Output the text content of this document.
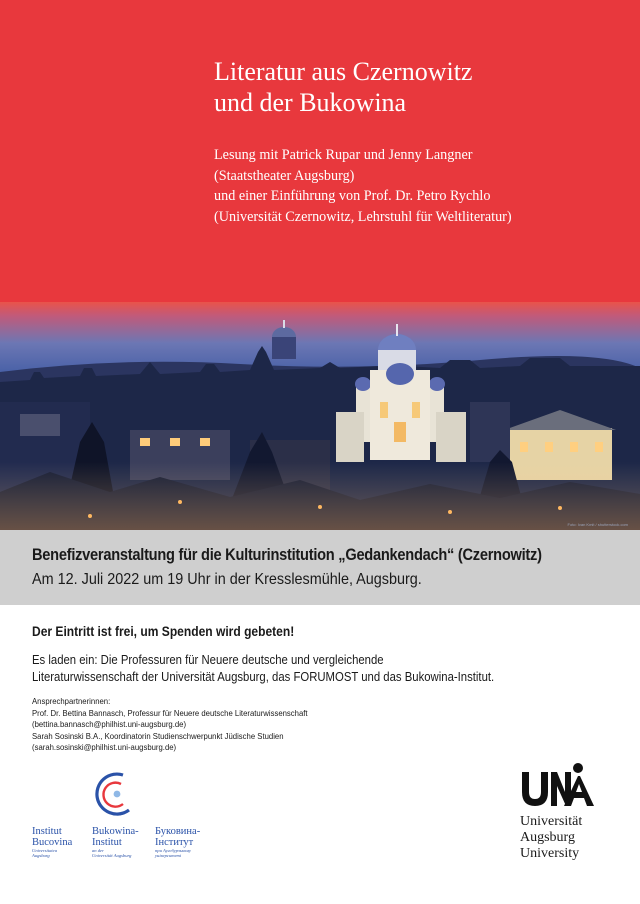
Literatur aus Czernowitz
und der Bukowina
Lesung mit Patrick Rupar und Jenny Langner
(Staatstheater Augsburg)
und einer Einführung von Prof. Dr. Petro Rychlo
(Universität Czernowitz, Lehrstuhl für Weltliteratur)
Foto: Ivan Kmit / shutterstock.com
Benefizveranstaltung für die Kulturinstitution „Gedankendach“ (Czernowitz)
Am 12. Juli 2022 um 19 Uhr in der Kresslesmühle, Augsburg.
Der Eintritt ist frei, um Spenden wird gebeten!
Es laden ein: Die Professuren für Neuere deutsche und vergleichende
Literaturwissenschaft der Universität Augsburg, das FORUMOST und das Bukowina-Institut.
Ansprechpartnerinnen:
Prof. Dr. Bettina Bannasch, Professur für Neuere deutsche Literaturwissenschaft
(bettina.bannasch@philhist.uni-augsburg.de)
Sarah Sosinski B.A., Koordinatorin Studienschwerpunkt Jüdische Studien
(sarah.sosinski@philhist.uni-augsburg.de)
Institut
Bucovina
Universitatea
Augsburg
Bukowina-
Institut
an der
Universität Augsburg
Буковина-
Інститут
при Аугсбурзькому
університеті
Universität
Augsburg
University
